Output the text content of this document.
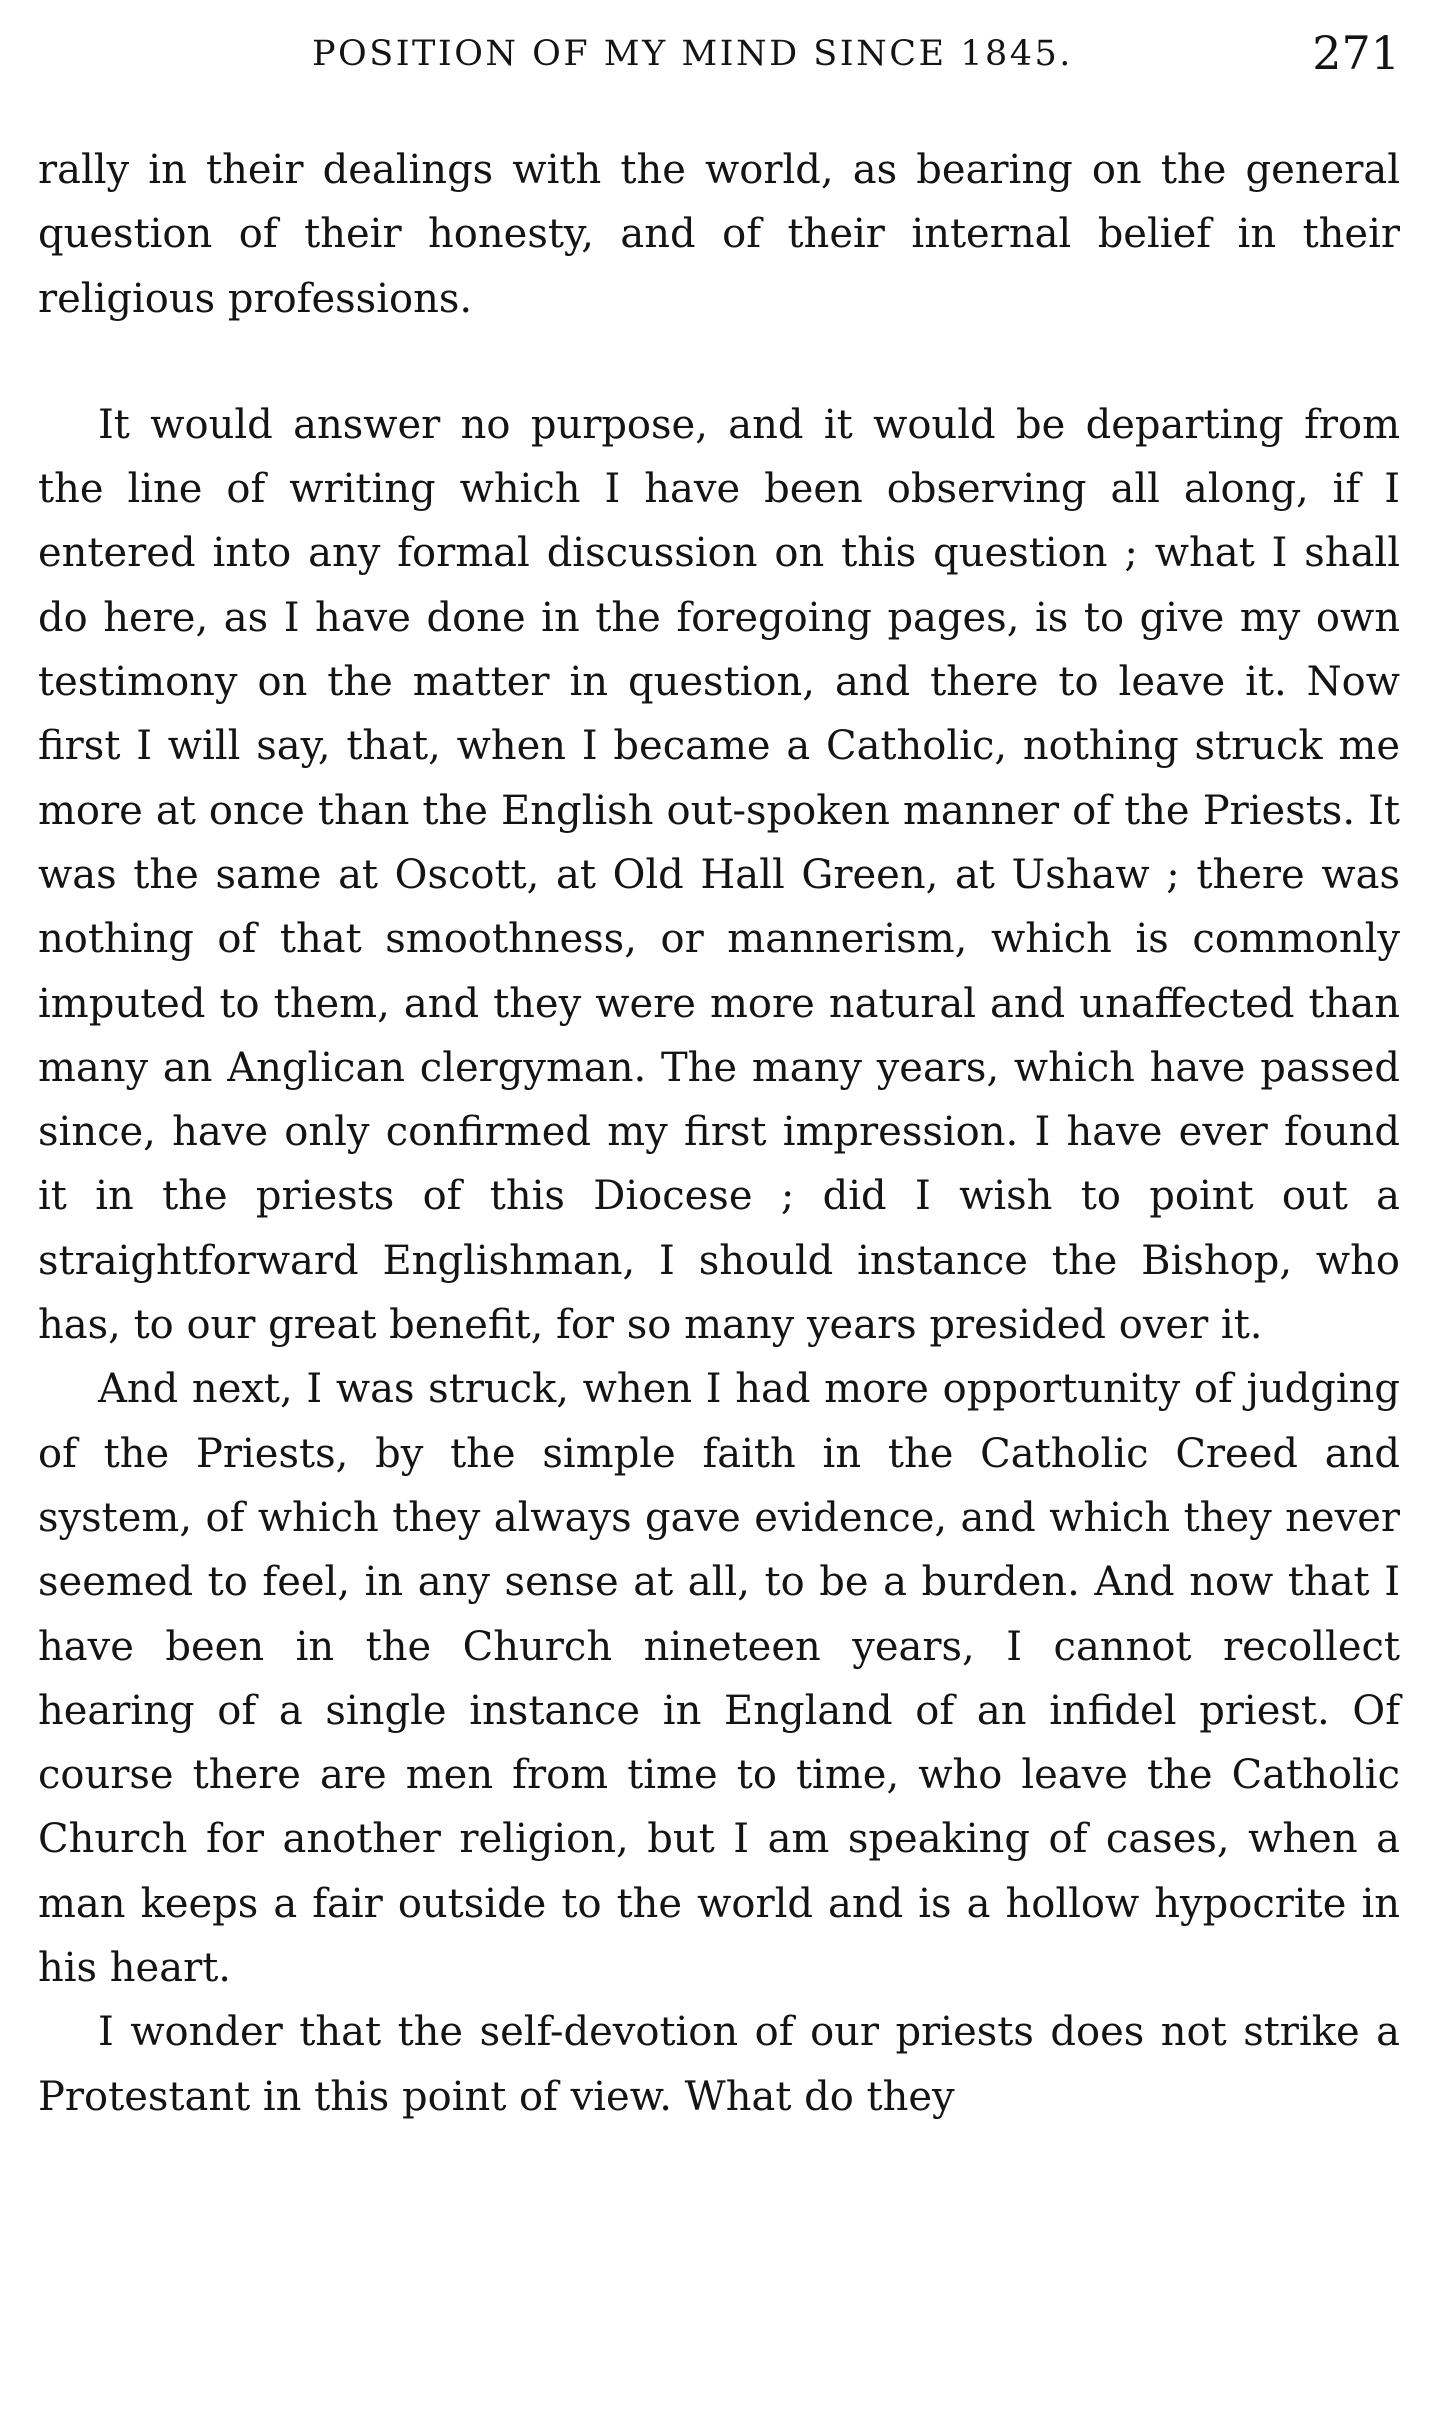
POSITION OF MY MIND SINCE 1845.	271

rally in their dealings with the world, as bearing on the general question of their honesty, and of their internal belief in their religious professions.

It would answer no purpose, and it would be departing from the line of writing which I have been observing all along, if I entered into any formal discussion on this question ; what I shall do here, as I have done in the foregoing pages, is to give my own testimony on the matter in question, and there to leave it. Now first I will say, that, when I became a Catholic, nothing struck me more at once than the English out-spoken manner of the Priests. It was the same at Oscott, at Old Hall Green, at Ushaw ; there was nothing of that smoothness, or mannerism, which is commonly imputed to them, and they were more natural and unaffected than many an Anglican clergyman. The many years, which have passed since, have only confirmed my first impression. I have ever found it in the priests of this Diocese ; did I wish to point out a straightforward Englishman, I should instance the Bishop, who has, to our great benefit, for so many years presided over it.

And next, I was struck, when I had more opportunity of judging of the Priests, by the simple faith in the Catholic Creed and system, of which they always gave evidence, and which they never seemed to feel, in any sense at all, to be a burden. And now that I have been in the Church nineteen years, I cannot recollect hearing of a single instance in England of an infidel priest. Of course there are men from time to time, who leave the Catholic Church for another religion, but I am speaking of cases, when a man keeps a fair outside to the world and is a hollow hypocrite in his heart.

I wonder that the self-devotion of our priests does not strike a Protestant in this point of view. What do they
